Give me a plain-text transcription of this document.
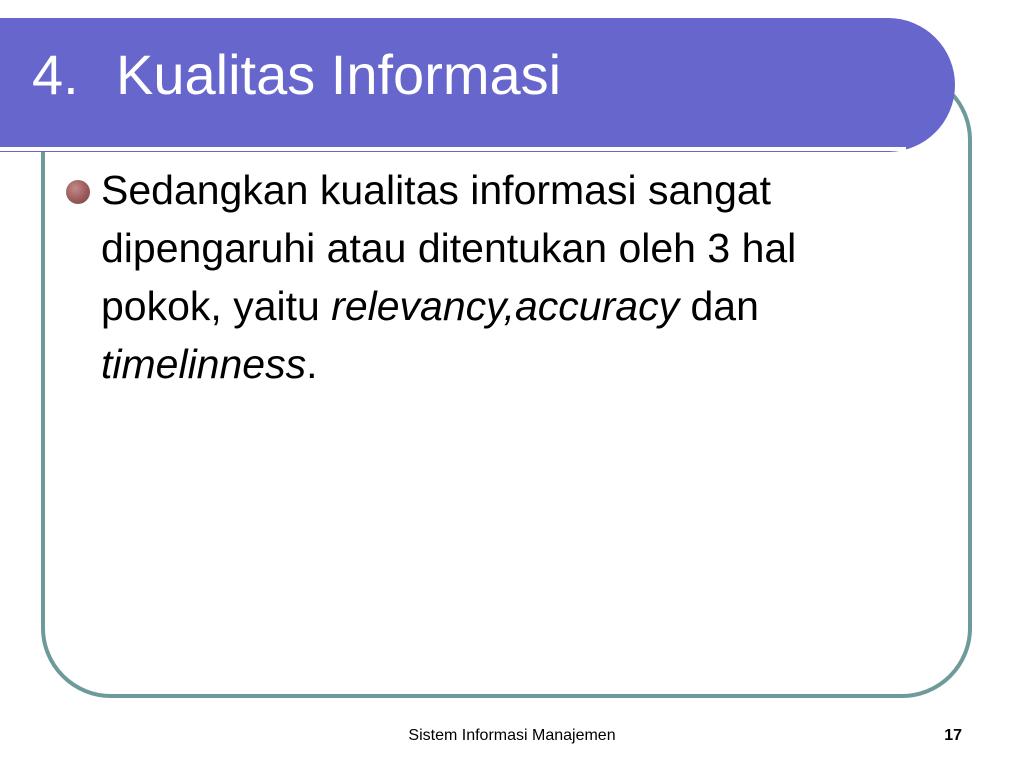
4. Kualitas Informasi

Sedangkan kualitas informasi sangat dipengaruhi atau ditentukan oleh 3 hal pokok, yaitu relevancy,accuracy dan timelinness.

Sistem Informasi Manajemen	17
